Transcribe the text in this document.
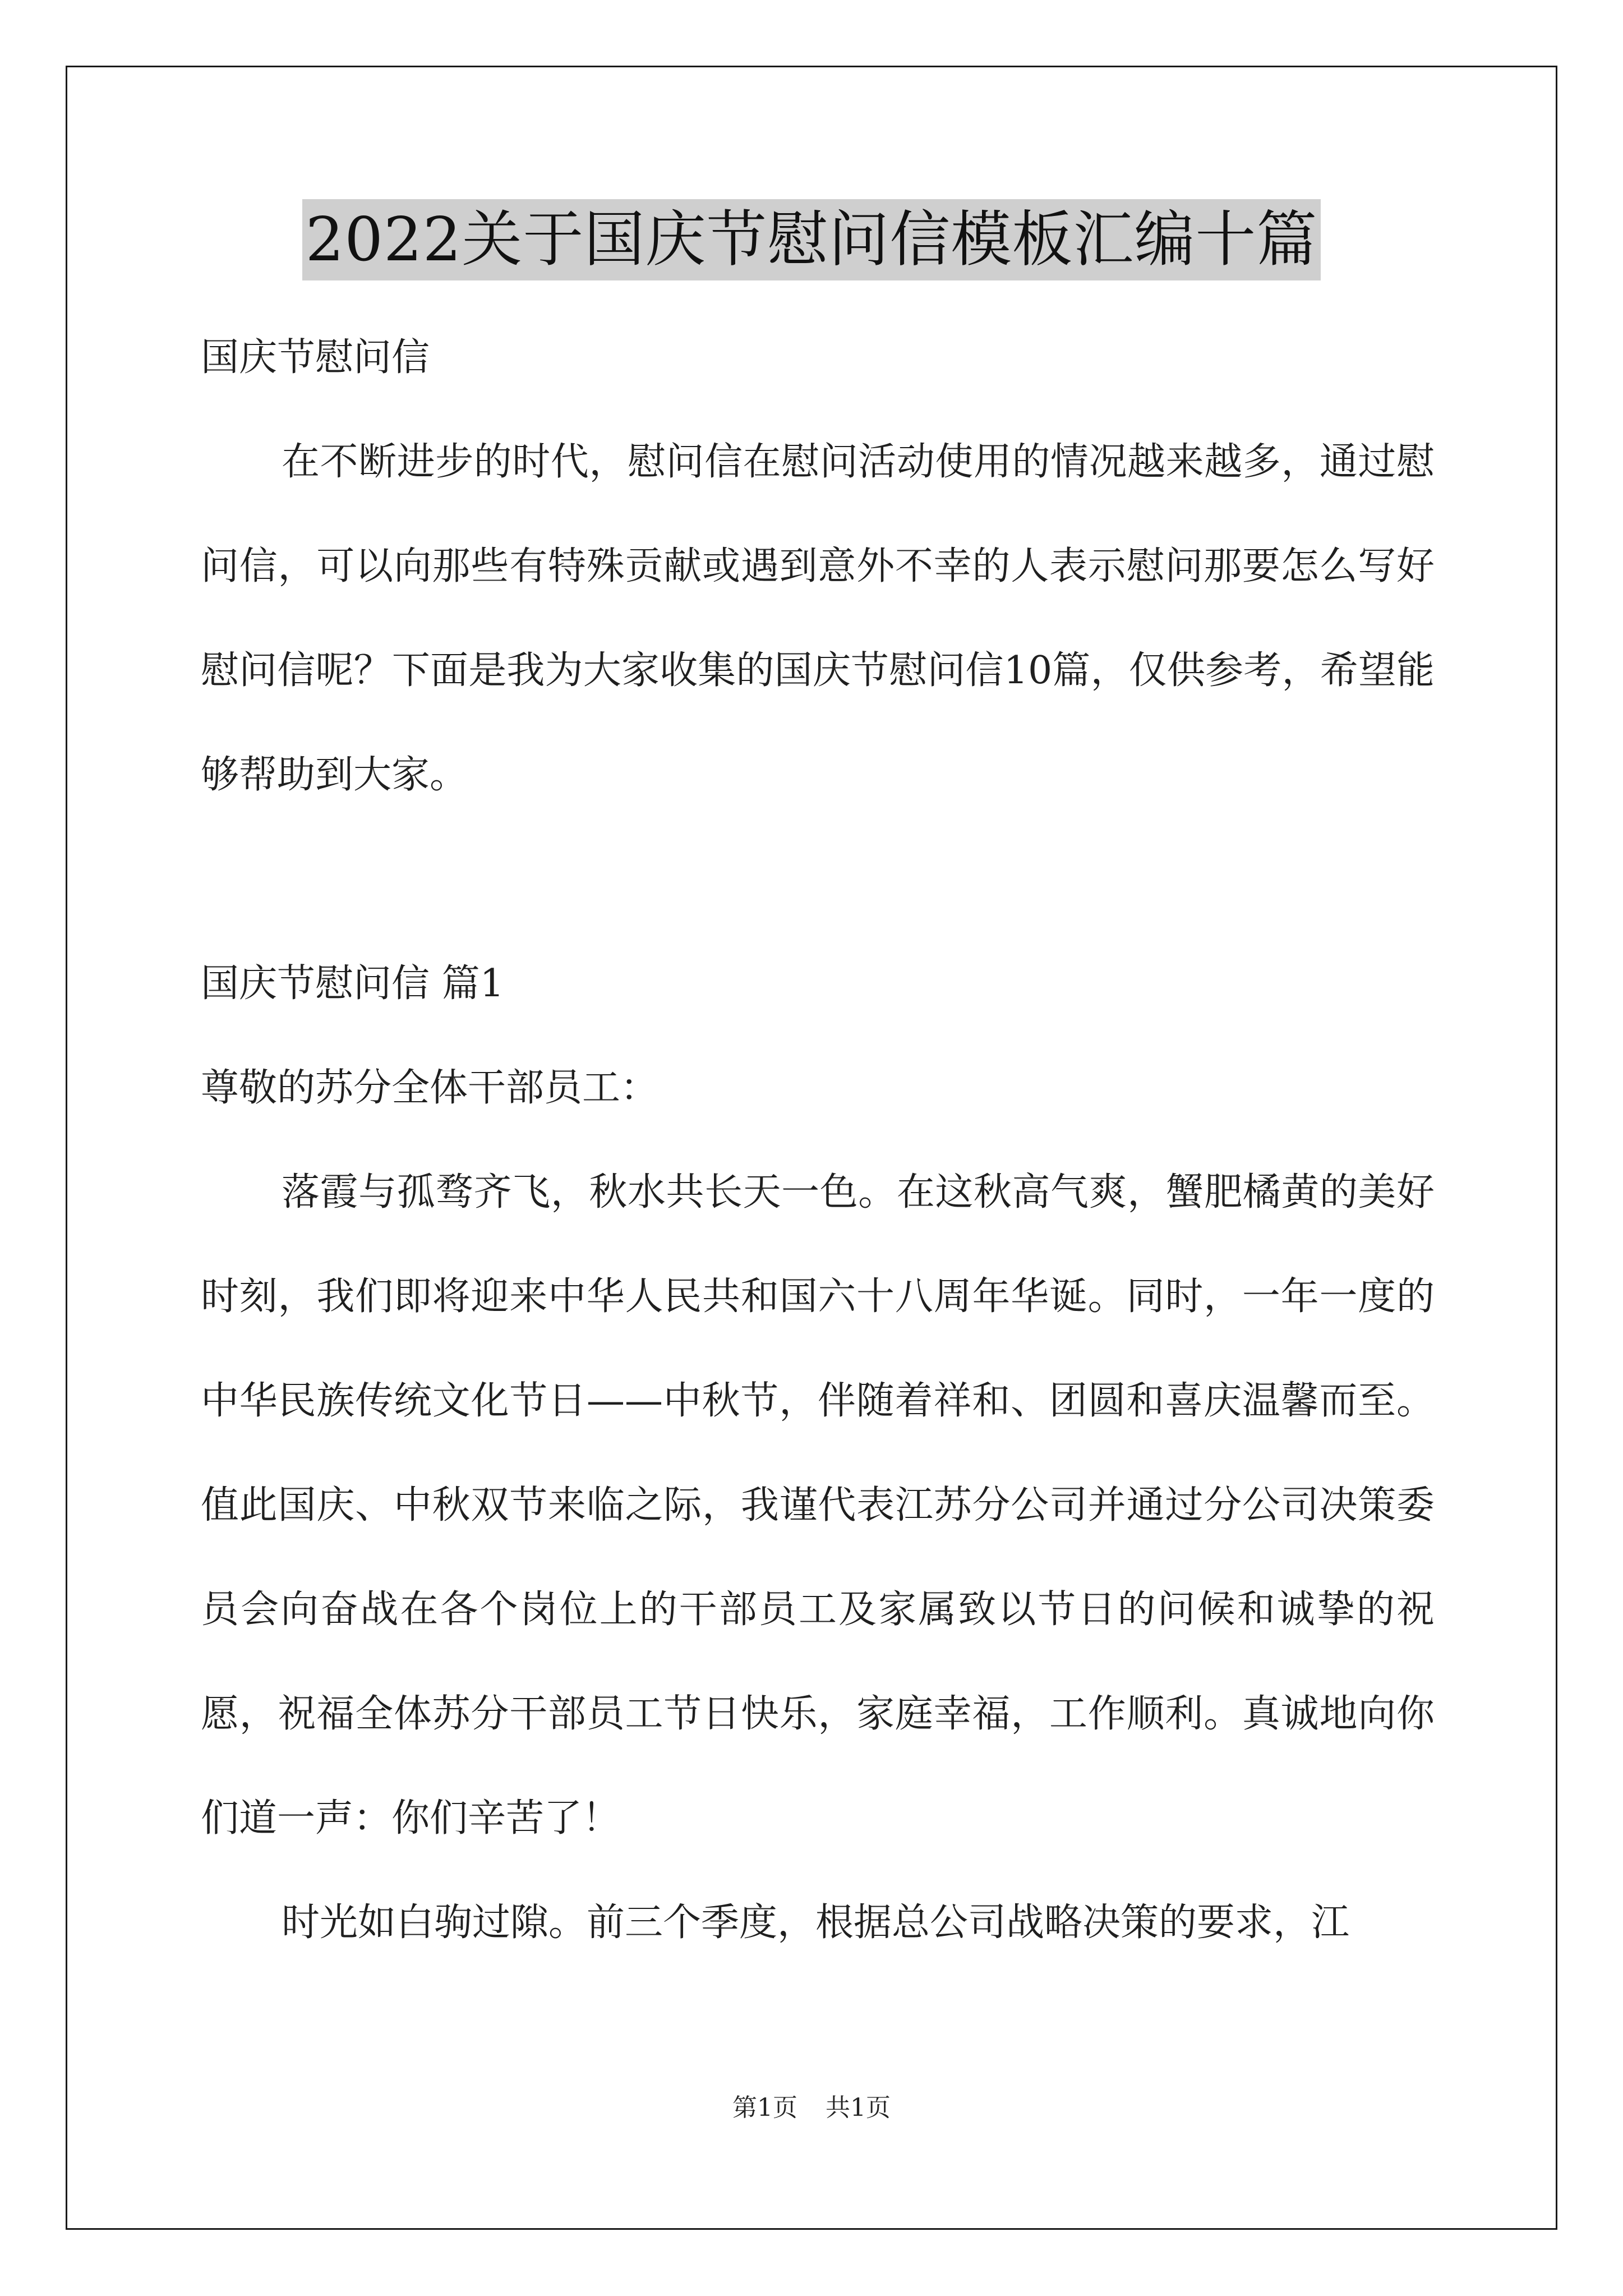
2022关于国庆节慰问信模板汇编十篇

国庆节慰问信

在不断进步的时代，慰问信在慰问活动使用的情况越来越多，通过慰问信，可以向那些有特殊贡献或遇到意外不幸的人表示慰问那要怎么写好慰问信呢？下面是我为大家收集的国庆节慰问信10篇，仅供参考，希望能够帮助到大家。

国庆节慰问信 篇1

尊敬的苏分全体干部员工：

落霞与孤骛齐飞，秋水共长天一色。在这秋高气爽，蟹肥橘黄的美好时刻，我们即将迎来中华人民共和国六十八周年华诞。同时，一年一度的中华民族传统文化节日——中秋节，伴随着祥和、团圆和喜庆温馨而至。值此国庆、中秋双节来临之际，我谨代表江苏分公司并通过分公司决策委员会向奋战在各个岗位上的干部员工及家属致以节日的问候和诚挚的祝愿，祝福全体苏分干部员工节日快乐，家庭幸福，工作顺利。真诚地向你们道一声：你们辛苦了！

时光如白驹过隙。前三个季度，根据总公司战略决策的要求，江

第1页 共1页
